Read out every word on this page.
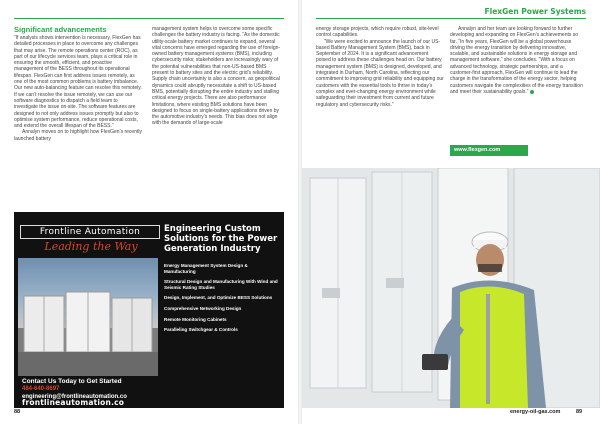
FlexGen Power Systems
Significant advancements

“If analysis shows intervention is necessary, FlexGen has detailed processes in place to overcome any challenges that may arise. The remote operations center (ROC), as part of our lifecycle services team, plays a critical role in ensuring the smooth, efficient, and proactive management of the BESS throughout its operational lifespan. FlexGen can first address issues remotely, as one of the most common problems is battery imbalance. Our new auto-balancing feature can resolve this remotely. If we can’t resolve the issue remotely, we can use our software diagnostics to dispatch a field team to investigate the issue on-site. The software features are designed to not only address issues promptly but also to optimise system performance, reduce operational costs, and extend the overall lifespan of the BESS.”

Annalyn moves on to highlight how FlexGen’s recently launched battery

management system helps to overcome some specific challenges the battery industry is facing. “As the domestic utility-scale battery market continues to expand, several vital concerns have emerged regarding the use of foreign-owned battery management systems (BMS), including cybersecurity risks; stakeholders are increasingly wary of the potential vulnerabilities that non-US-based BMS present to battery sites and the electric grid’s reliability. Supply chain uncertainty is also a concern, as geopolitical dynamics could abruptly necessitate a shift to US-based BMS, potentially disrupting the entire industry and stalling critical energy projects. There are also performance limitations, where existing BMS solutions have been designed to focus on single-battery applications driven by the automotive industry’s needs. This bias does not align with the demands of large-scale

energy storage projects, which require robust, site-level control capabilities.

“We were excited to announce the launch of our US-based Battery Management System (BMS), back in September of 2024. It is a significant advancement poised to address these challenges head on. Our battery management system (BMS) is designed, developed, and integrated in Durham, North Carolina, reflecting our commitment to improving grid reliability and equipping our customers with the essential tools to thrive in today’s complex and ever-changing energy environment while safeguarding their investment from current and future regulatory and cybersecurity risks.”

Annalyn and her team are looking forward to further developing and expanding on FlexGen’s achievements so far. “In five years, FlexGen will be a global powerhouse driving the energy transition by delivering innovative, scalable, and sustainable solutions in energy storage and management software,” she concludes. “With a focus on advanced technology, strategic partnerships, and a customer-first approach, FlexGen will continue to lead the charge in the transformation of the energy sector, helping customers navigate the complexities of the energy transition and meet their sustainability goals.”

www.flexgen.com
Frontline Automation
Leading the Way
Engineering Custom Solutions for the Power Generation Industry
Energy Management System Design & Manufacturing
Structural Design and Manufacturing With Wind and Seismic Rating Studies
Design, Implement, and Optimize BESS Solutions
Comprehensive Networking Design
Remote Monitoring Cabinets
Paralleling Switchgear & Controls
Contact Us Today to Get Started
484-640-8697
engineering@frontlineautomation.co
frontlineautomation.co
88	energy-oil-gas.com	89
